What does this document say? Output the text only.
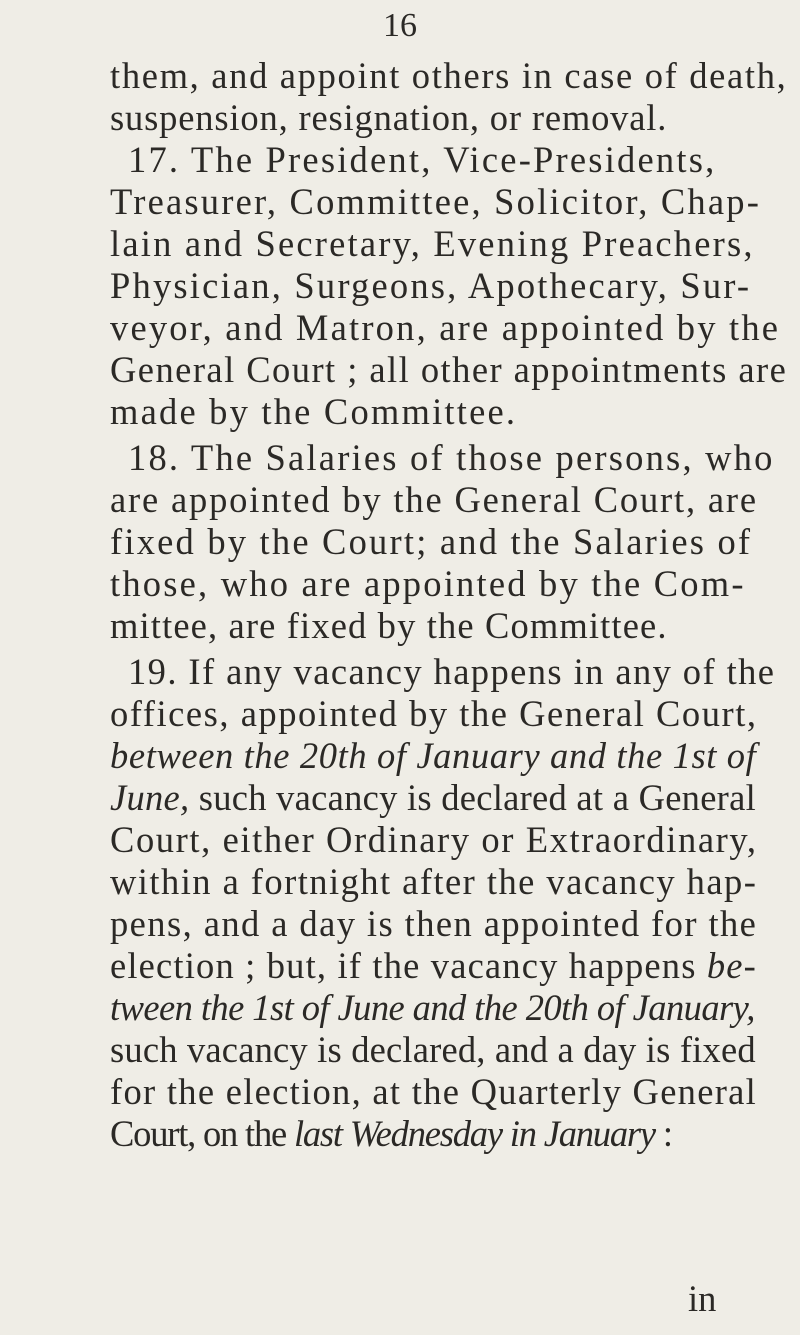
16
them, and appoint others in case of death,
suspension, resignation, or removal.
17. The President, Vice-Presidents,
Treasurer, Committee, Solicitor, Chap-
lain and Secretary, Evening Preachers,
Physician, Surgeons, Apothecary, Sur-
veyor, and Matron, are appointed by the
General Court ; all other appointments are
made by the Committee.
18. The Salaries of those persons, who
are appointed by the General Court, are
fixed by the Court; and the Salaries of
those, who are appointed by the Com-
mittee, are fixed by the Committee.
19. If any vacancy happens in any of the
offices, appointed by the General Court,
between the 20th of January and the 1st of
June, such vacancy is declared at a General
Court, either Ordinary or Extraordinary,
within a fortnight after the vacancy hap-
pens, and a day is then appointed for the
election ; but, if the vacancy happens be-
tween the 1st of June and the 20th of January,
such vacancy is declared, and a day is fixed
for the election, at the Quarterly General
Court, on the last Wednesday in January :
in
